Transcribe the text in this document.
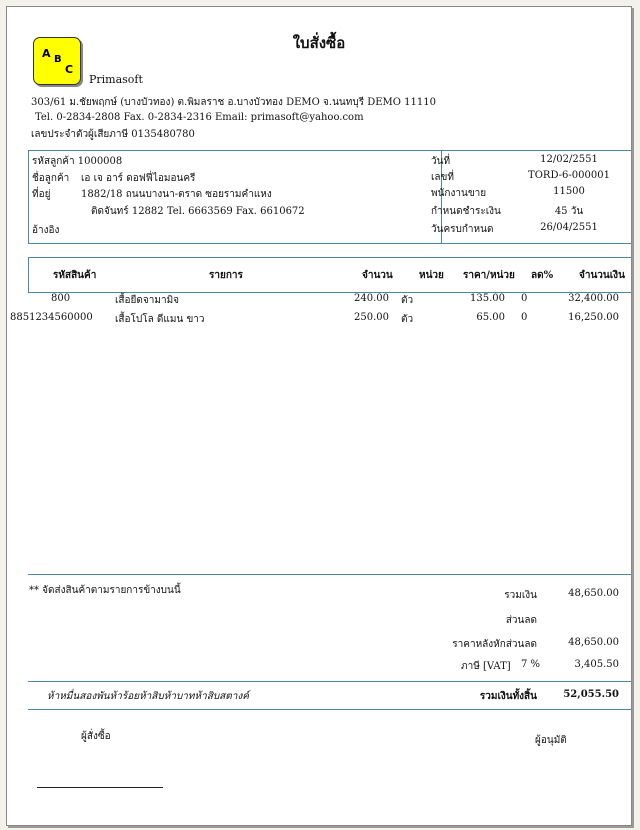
ใบสั่งซื้อ
A B
C
Primasoft
303/61 ม.ชัยพฤกษ์ (บางบัวทอง) ต.พิมลราช อ.บางบัวทอง DEMO จ.นนทบุรี DEMO 11110
Tel. 0-2834-2808 Fax. 0-2834-2316 Email: primasoft@yahoo.com
เลขประจำตัวผู้เสียภาษี 0135480780
รหัสลูกค้า 1000008
ชื่อลูกค้า เอ เจ อาร์ ดอฟฟี่ไอมอนครี
ที่อยู่	1882/18 ถนนบางนา-ตราด ซอยรามคำแหง
ติดจันทร์ 12882 Tel. 6663569 Fax. 6610672
อ้างอิง
วันที่	12/02/2551
เลขที่	TORD-6-000001
พนักงานขาย	11500
กำหนดชำระเงิน	45 วัน
วันครบกำหนด	26/04/2551
รหัสสินค้า	รายการ	จำนวน	หน่วย ราคา/หน่วย ลด%	จำนวนเงิน
800	เสื้อยืดจามามิจ	240.00 ตัว	135.00 0	32,400.00
8851234560000 เสื้อโปโล ดีแมน ขาว	250.00 ตัว	65.00 0	16,250.00
** จัดส่งสินค้าตามรายการข้างบนนี้	รวมเงิน	48,650.00
ส่วนลด
ราคาหลังหักส่วนลด	48,650.00
ภาษี [VAT] 7 %	3,405.50
ห้าหมื่นสองพันห้าร้อยห้าสิบห้าบาทห้าสิบสตางค์	รวมเงินทั้งสิ้น	52,055.50
ผู้สั่งซื้อ	ผู้อนุมัติ
